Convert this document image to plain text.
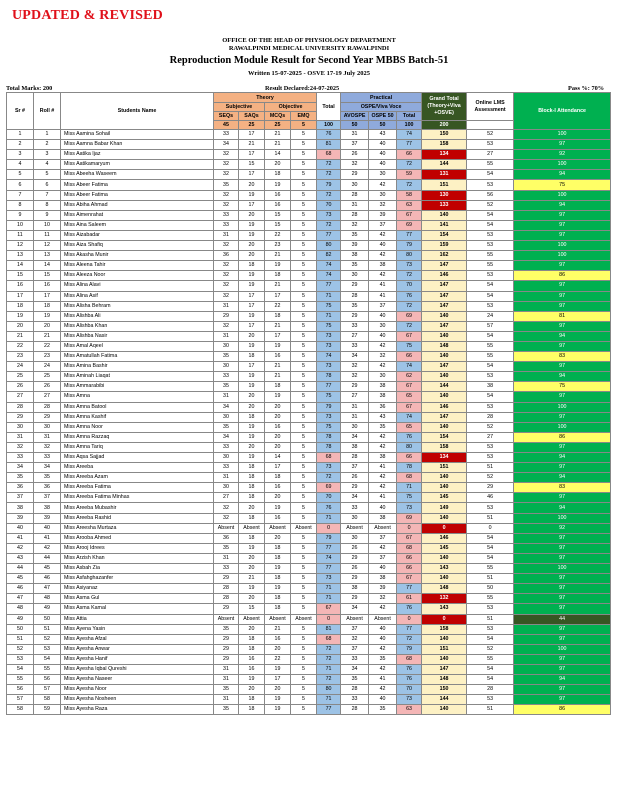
UPDATED & REVISED
OFFICE OF THE HEAD OF PHYSIOLOGY DEPARTMENT
RAWALPINDI MEDICAL UNIVERSITY RAWALPINDI
Reproduction Module Result for Second Year MBBS Batch-51
Written 15-07-2025 - OSVE 17-19 July 2025
Total Marks: 200	Result Declared:24-07-2025	Pass %: 70%
Sr #	Roll #	Students Name	Theory				Total	Practical			Grand Total (Theory+Viva +OSVE)	Online LMS Assessment	Block-I Attendance
			Subjective		Objective			OSPE/Viva Voce					
			SEQs	SAQs	MCQs	EMQ		AVOSPE	OSPE 50	Total			
			45	25	25	5	100	50	50	100	200		
1	1	Miss Aamina Sohail	33	17	21	5	76	31	43	74	150	52	100
2	2	Miss Aamna Babar Khan	34	21	21	5	81	37	40	77	158	53	97
3	3	Miss Aatika Ijaz	32	17	14	5	68	26	40	66	134	27	92
4	4	Miss Aatikamaryum	32	15	20	5	72	32	40	72	144	55	100
5	5	Miss Abeeha Waseem	32	17	18	5	72	29	30	59	131	54	94
6	6	Miss Abeer Fatima	35	20	19	5	79	30	42	72	151	53	75
7	7	Miss Abeer Fatima	32	19	16	5	72	28	30	58	130	56	100
8	8	Miss Abiha Ahmad	32	17	16	5	70	31	32	63	133	52	94
9	9	Miss Aimenrahat	33	20	15	5	73	28	39	67	140	54	97
10	10	Miss Aina Saleem	33	19	15	5	72	32	37	69	141	54	97
11	11	Miss Aizabadar	31	19	22	5	77	35	42	77	154	53	97
12	12	Miss Aiza Shafiq	32	20	23	5	80	39	40	79	159	53	100
13	13	Miss Akasha Munir	36	20	21	5	82	38	42	80	162	55	100
14	14	Miss Aleena Tahir	32	18	19	5	74	35	38	73	147	55	97
15	15	Miss Aleeza Noor	32	19	18	5	74	30	42	72	146	53	86
16	16	Miss Alina Alavi	32	19	21	5	77	29	41	70	147	54	97
17	17	Miss Alina Asif	32	17	17	5	71	28	41	76	147	54	97
18	18	Miss Alisha Behram	31	17	22	5	75	35	37	72	147	53	97
19	19	Miss Alishba Ali	29	19	18	5	71	29	40	69	140	24	81
20	20	Miss Alishba Khan	32	17	21	5	75	33	30	72	147	57	97
21	21	Miss Alishba Nasir	31	20	17	5	73	27	40	67	140	54	94
22	22	Miss Amal Aqeel	30	19	19	5	73	33	42	75	148	55	97
23	23	Miss Amatullah Fatima	35	18	16	5	74	34	32	66	140	55	83
24	24	Miss Amina Bashir	30	17	21	5	73	32	42	74	147	54	97
25	25	Miss Aminah Liaqat	33	19	21	5	78	32	30	62	140	53	94
26	26	Miss Ammarabibi	35	19	18	5	77	29	38	67	144	38	75
27	27	Miss Amna	31	20	19	5	75	27	38	65	140	54	97
28	28	Miss Amna Batool	34	20	20	5	79	31	36	67	146	53	100
29	29	Miss Amna Kashif	30	18	20	5	73	31	43	74	147	28	97
30	30	Miss Amna Noor	35	19	16	5	75	30	35	65	140	52	100
31	31	Miss Amna Razzaq	34	19	20	5	78	34	42	76	154	27	86
32	32	Miss Amna Tariq	33	20	20	5	78	38	42	80	158	53	97
33	33	Miss Aqsa Sajjad	30	19	14	5	68	28	38	66	134	53	94
34	34	Miss Areeba	33	18	17	5	73	37	41	78	151	51	97
35	35	Miss Areeba Azam	31	18	18	5	72	26	42	68	140	52	94
36	36	Miss Areeba Fatima	30	18	16	5	69	29	42	71	140	29	83
37	37	Miss Areeba Fatima Minhas	27	18	20	5	70	34	41	75	145	46	97
38	38	Miss Areeba Mubashir	32	20	19	5	76	33	40	73	149	53	94
39	39	Miss Areeba Rashid	32	18	16	5	71	30	38	69	140	51	100
40	40	Miss Areesha Murtaza	Absent	Absent	Absent	Absent	0	Absent	Absent	0	0	0	92
41	41	Miss Arooba Ahmed	36	18	20	5	79	30	37	67	146	54	97
42	42	Miss Arooj Idrees	35	19	18	5	77	26	42	68	145	54	97
43	44	Miss Arzish Khan	31	20	18	5	74	29	37	66	140	54	97
44	45	Miss Asbah Zia	33	20	19	5	77	26	40	66	143	55	100
45	46	Miss Asfahghazanfer	29	21	18	5	73	29	38	67	140	51	97
46	47	Miss Asiyanaz	28	19	19	5	71	38	39	77	148	50	97
47	48	Miss Asma Gul	28	20	18	5	71	29	32	61	132	55	97
48	49	Miss Asma Kamal	29	15	18	5	67	34	42	76	143	53	97
49	50	Miss Attia	Absent	Absent	Absent	Absent	0	Absent	Absent	0	0	51	44
50	51	Miss Ayena Yasin	35	20	21	5	81	37	40	77	158	53	97
51	52	Miss Ayesha Afzal	29	18	16	5	68	32	40	72	140	54	97
52	53	Miss Ayesha Anwar	29	18	20	5	72	37	42	79	151	52	100
53	54	Miss Ayesha Hanif	29	16	22	5	72	33	35	68	140	55	97
54	55	Miss Ayesha Iqbal Qureshi	31	16	19	5	71	34	42	76	147	54	97
55	56	Miss Ayesha Naseer	31	19	17	5	72	35	41	76	148	54	94
56	57	Miss Ayesha Noor	35	20	20	5	80	28	42	70	150	28	97
57	58	Miss Ayesha Nosheen	31	18	19	5	71	33	40	73	144	53	97
58	59	Miss Ayesha Raza	35	18	19	5	77	28	35	63	140	51	86
